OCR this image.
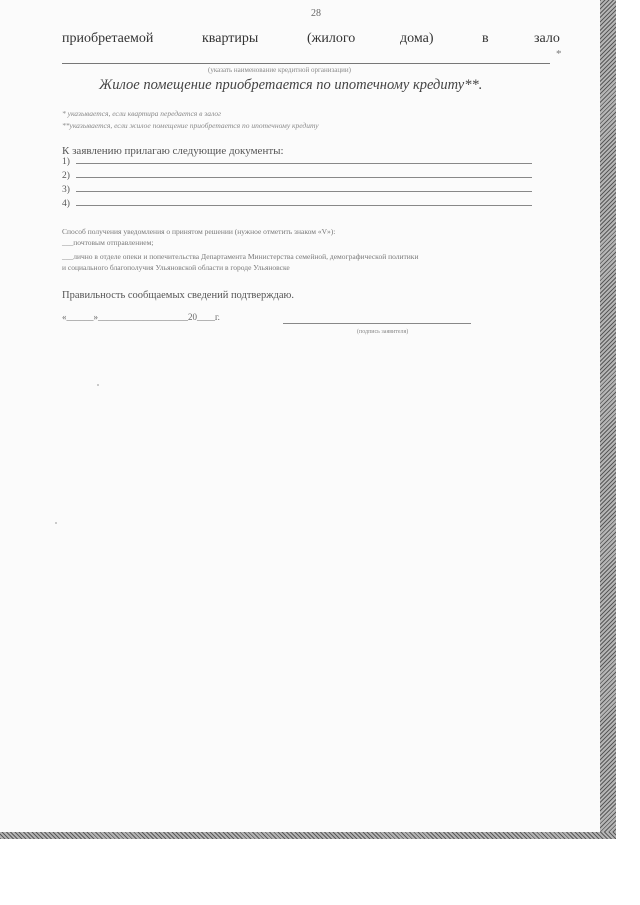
28
приобретаемой	квартиры	(жилого	дома)	в	зало
*
(указать наименование кредитной организации)
Жилое помещение приобретается по ипотечному кредиту**.
* указывается, если квартира передается в залог
**указывается, если жилое помещение приобретается по ипотечному кредиту
К заявлению прилагаю следующие документы:
1)
2)
3)
4)
Способ получения уведомления о принятом решении (нужное отметить знаком «V»):
___почтовым отправлением;
___лично в отделе опеки и попечительства Департамента Министерства семейной, демографической политики
и социального благополучия Ульяновской области в городе Ульяновске
Правильность сообщаемых сведений подтверждаю.
«______»____________________20____г.
(подпись заявителя)
